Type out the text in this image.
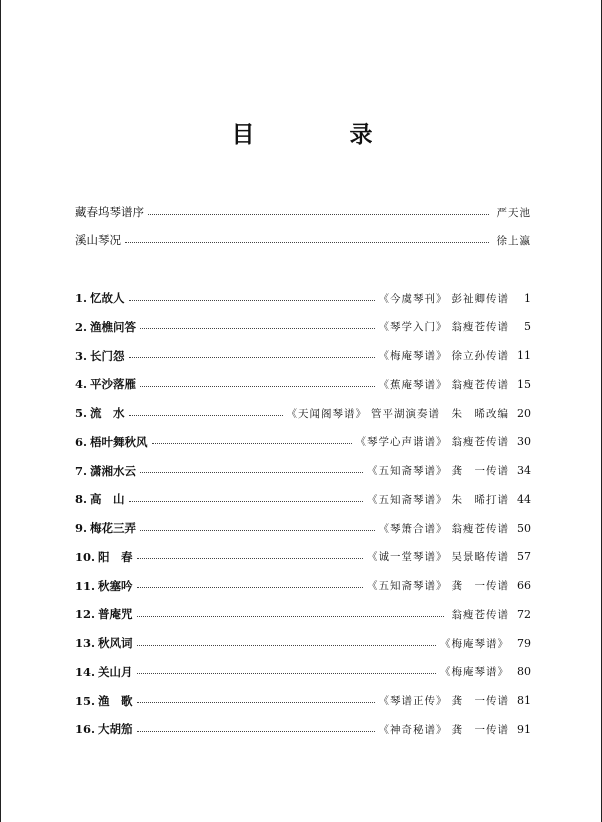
目　录
藏春坞琴谱序	严天池
溪山琴况	徐上瀛
1. 忆故人	《今虞琴刊》 彭祉卿传谱	1
2. 渔樵问答	《琴学入门》 翁瘦苍传谱	5
3. 长门怨	《梅庵琴谱》 徐立孙传谱 11
4. 平沙落雁	《蕉庵琴谱》 翁瘦苍传谱 15
5. 流　水	《天闻阁琴谱》 管平湖演奏谱　朱　晞改编 20
6. 梧叶舞秋风	《琴学心声谐谱》 翁瘦苍传谱 30
7. 潇湘水云	《五知斋琴谱》 龚　一传谱 34
8. 高　山	《五知斋琴谱》 朱　晞打谱 44
9. 梅花三弄	《琴箫合谱》 翁瘦苍传谱 50
10. 阳　春	《诚一堂琴谱》 吴景略传谱 57
11. 秋塞吟	《五知斋琴谱》 龚　一传谱 66
12. 普庵咒	翁瘦苍传谱 72
13. 秋风词	《梅庵琴谱》 79
14. 关山月	《梅庵琴谱》 80
15. 渔　歌	《琴谱正传》 龚　一传谱 81
16. 大胡笳	《神奇秘谱》 龚　一传谱 91
